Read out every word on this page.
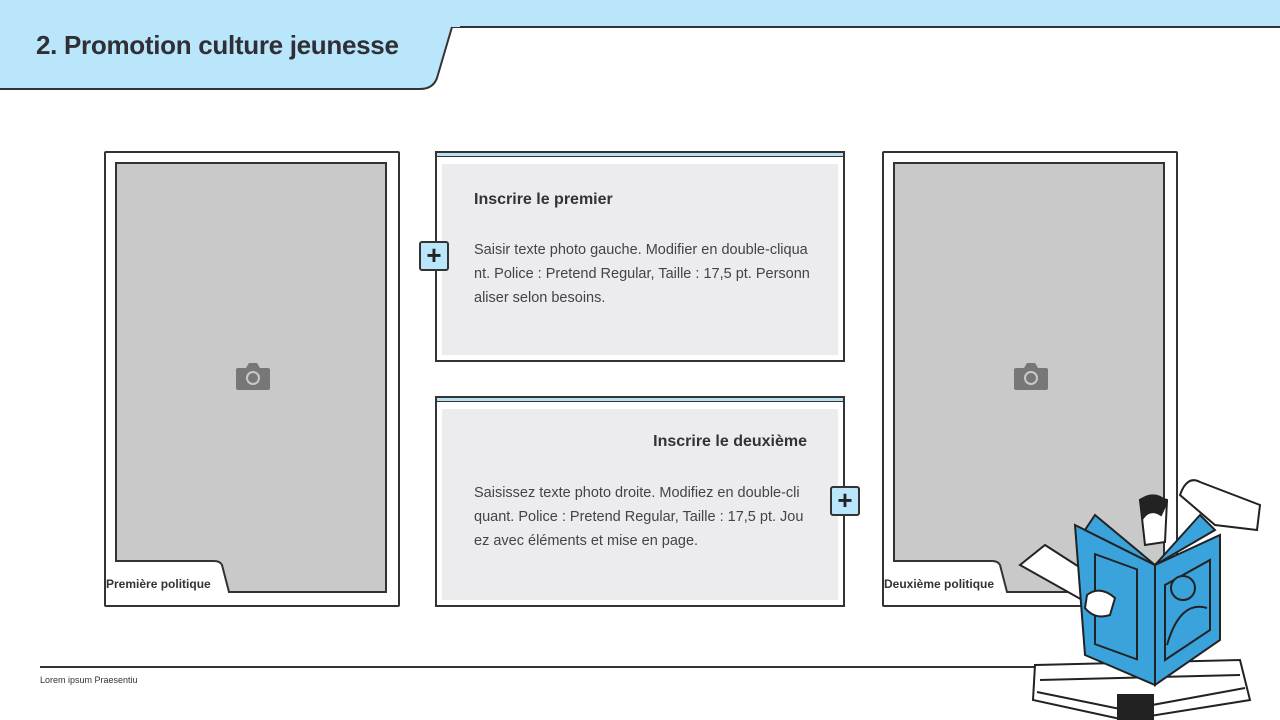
2. Promotion culture jeunesse
Première politique
Inscrire le premier
Saisir texte photo gauche. Modifier en double-cliquant. Police : Pretend Regular, Taille : 17,5 pt. Personnaliser selon besoins.
+
Inscrire le deuxième
Saisissez texte photo droite. Modifiez en double-cliquant. Police : Pretend Regular, Taille : 17,5 pt. Jouez avec éléments et mise en page.
+
Deuxième politique
Lorem ipsum Praesentiu
